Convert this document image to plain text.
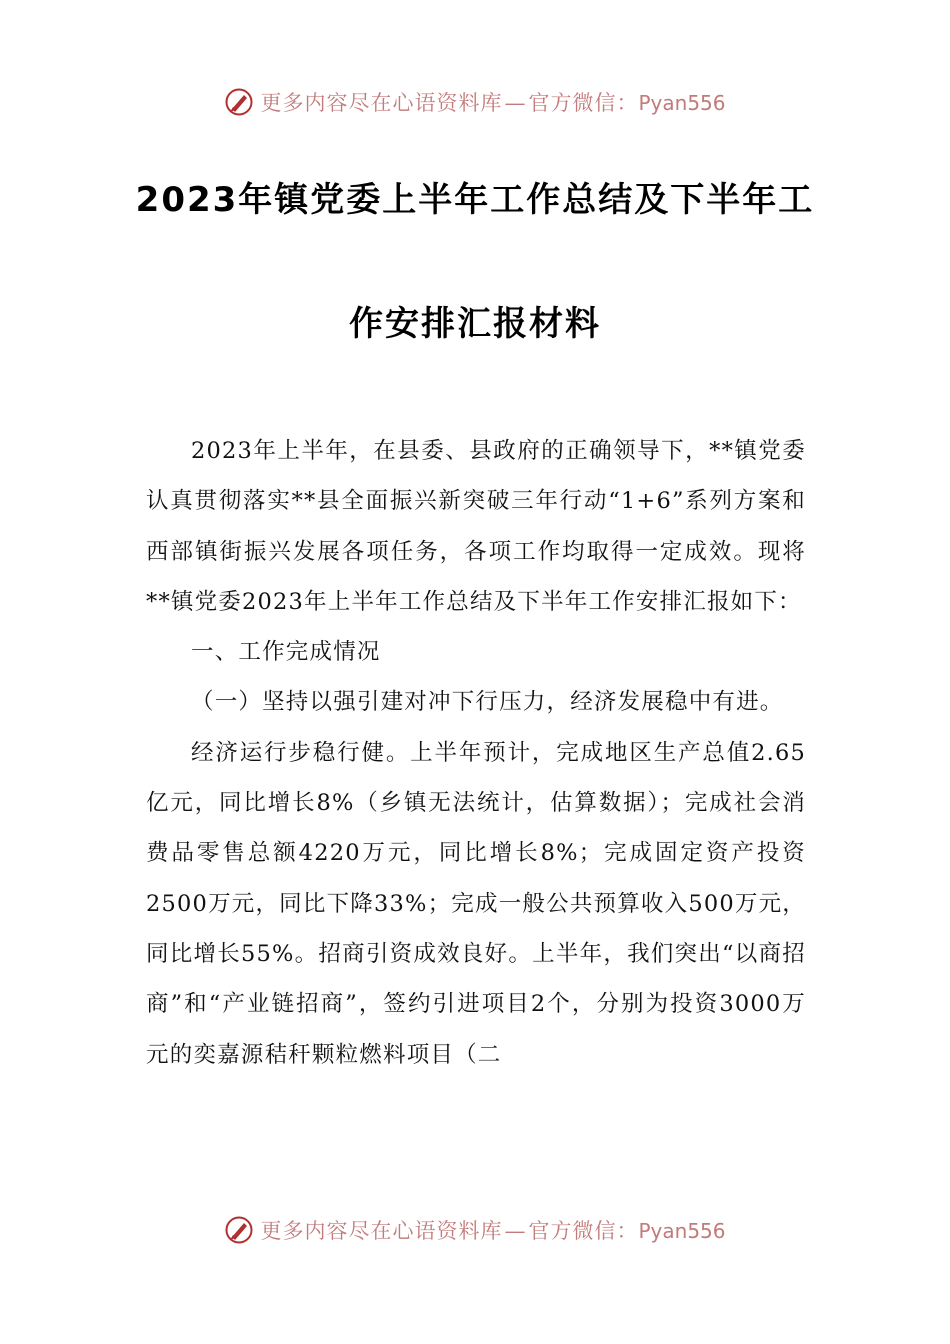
更多内容尽在心语资料库—官方微信：Pyan556
2023年镇党委上半年工作总结及下半年工
作安排汇报材料

2023年上半年，在县委、县政府的正确领导下，**镇党委认真贯彻落实**县全面振兴新突破三年行动“1+6”系列方案和西部镇街振兴发展各项任务，各项工作均取得一定成效。现将**镇党委2023年上半年工作总结及下半年工作安排汇报如下：

一、工作完成情况

（一）坚持以强引建对冲下行压力，经济发展稳中有进。

经济运行步稳行健。上半年预计，完成地区生产总值2.65亿元，同比增长8%（乡镇无法统计，估算数据）；完成社会消费品零售总额4220万元，同比增长8%；完成固定资产投资2500万元，同比下降33%；完成一般公共预算收入500万元，同比增长55%。招商引资成效良好。上半年，我们突出“以商招商”和“产业链招商”，签约引进项目2个，分别为投资3000万元的奕嘉源秸秆颗粒燃料项目（二

更多内容尽在心语资料库—官方微信：Pyan556
